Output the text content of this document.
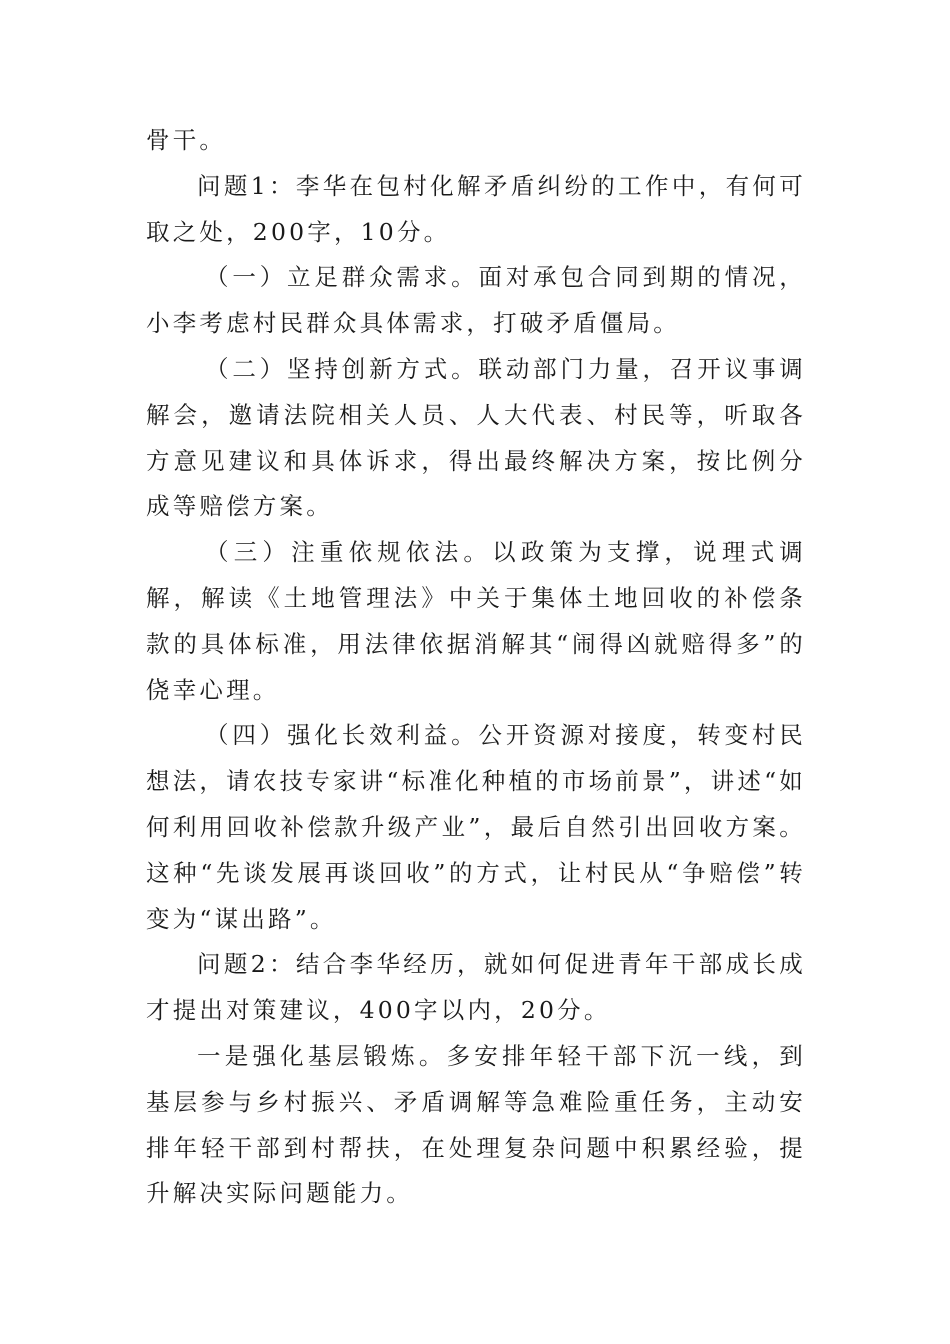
骨干。

问题1：李华在包村化解矛盾纠纷的工作中，有何可取之处，200字，10分。

（一）立足群众需求。面对承包合同到期的情况，小李考虑村民群众具体需求，打破矛盾僵局。

（二）坚持创新方式。联动部门力量，召开议事调解会，邀请法院相关人员、人大代表、村民等，听取各方意见建议和具体诉求，得出最终解决方案，按比例分成等赔偿方案。

（三）注重依规依法。以政策为支撑，说理式调解，解读《土地管理法》中关于集体土地回收的补偿条款的具体标准，用法律依据消解其“闹得凶就赔得多”的侥幸心理。

（四）强化长效利益。公开资源对接度，转变村民想法，请农技专家讲“标准化种植的市场前景”，讲述“如何利用回收补偿款升级产业”，最后自然引出回收方案。这种“先谈发展再谈回收”的方式，让村民从“争赔偿”转变为“谋出路”。

问题2：结合李华经历，就如何促进青年干部成长成才提出对策建议，400字以内，20分。

一是强化基层锻炼。多安排年轻干部下沉一线，到基层参与乡村振兴、矛盾调解等急难险重任务，主动安排年轻干部到村帮扶，在处理复杂问题中积累经验，提升解决实际问题能力。
